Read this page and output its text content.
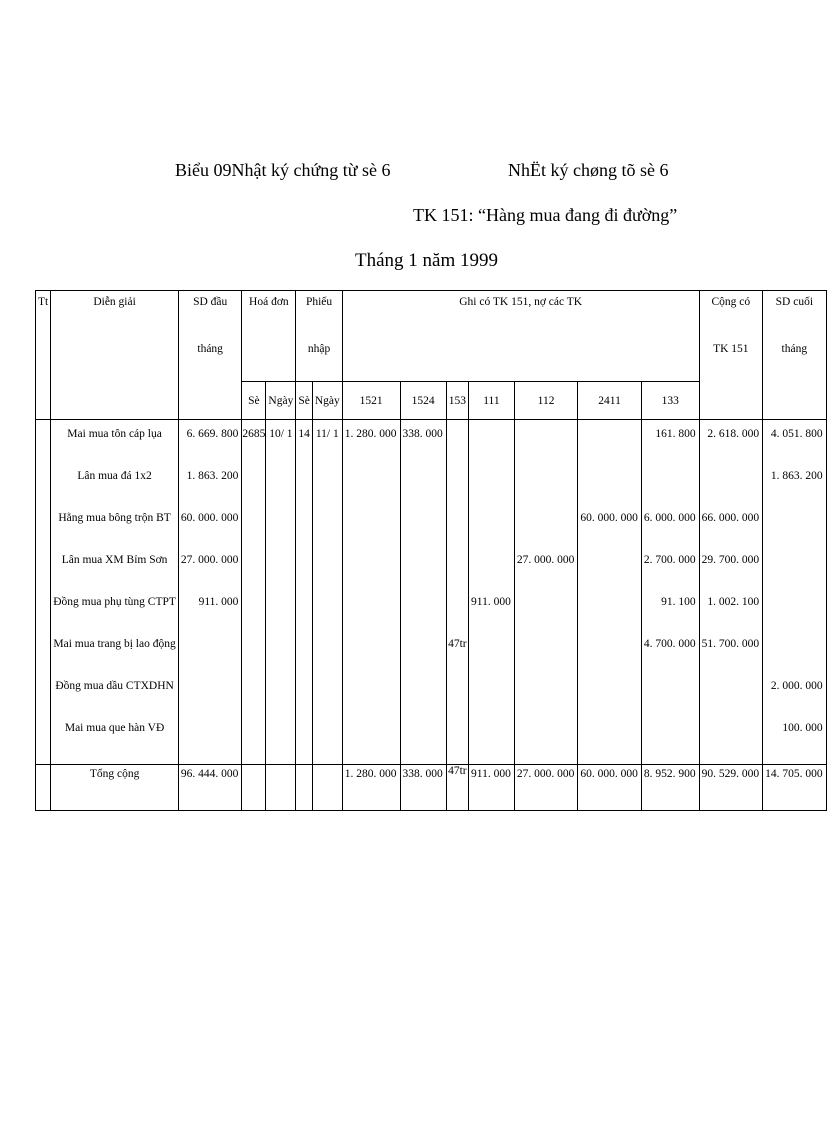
Biểu 09Nhật ký chứng từ sè 6	NhËt ký chøng tõ sè 6
TK 151: “Hàng mua đang đi đường”
Tháng 1 năm 1999
Tt	Diễn giải	SD đầu	Hoá đơn		Phiếu		Ghi có TK 151, nợ các TK							Cộng có	SD cuối
		tháng			nhập									TK 151	tháng
			Sè	Ngày	Sè	Ngày	1521	1524	153	111	112	2411	133		

	Mai mua tôn cáp lụa	6. 669. 800	2685	10/ 1	14	11/ 1	1. 280. 000	338. 000					161. 800	2. 618. 000	4. 051. 800
	Lân mua đá 1x2	1. 863. 200													1. 863. 200
	Hằng mua bông trộn BT	60. 000. 000										60. 000. 000	6. 000. 000	66. 000. 000	
	Lân mua XM Bỉm Sơn	27. 000. 000									27. 000. 000		2. 700. 000	29. 700. 000	
	Đồng mua phụ tùng CTPT	911. 000								911. 000			91. 100	1. 002. 100	
	Mai mua trang bị lao động								47tr				4. 700. 000	51. 700. 000	
	Đồng mua dầu CTXDHN														2. 000. 000
	Mai mua que hàn VĐ														100. 000
	Tổng cộng	96. 444. 000					1. 280. 000	338. 000	47tr	911. 000	27. 000. 000	60. 000. 000	8. 952. 900	90. 529. 000	14. 705. 000
